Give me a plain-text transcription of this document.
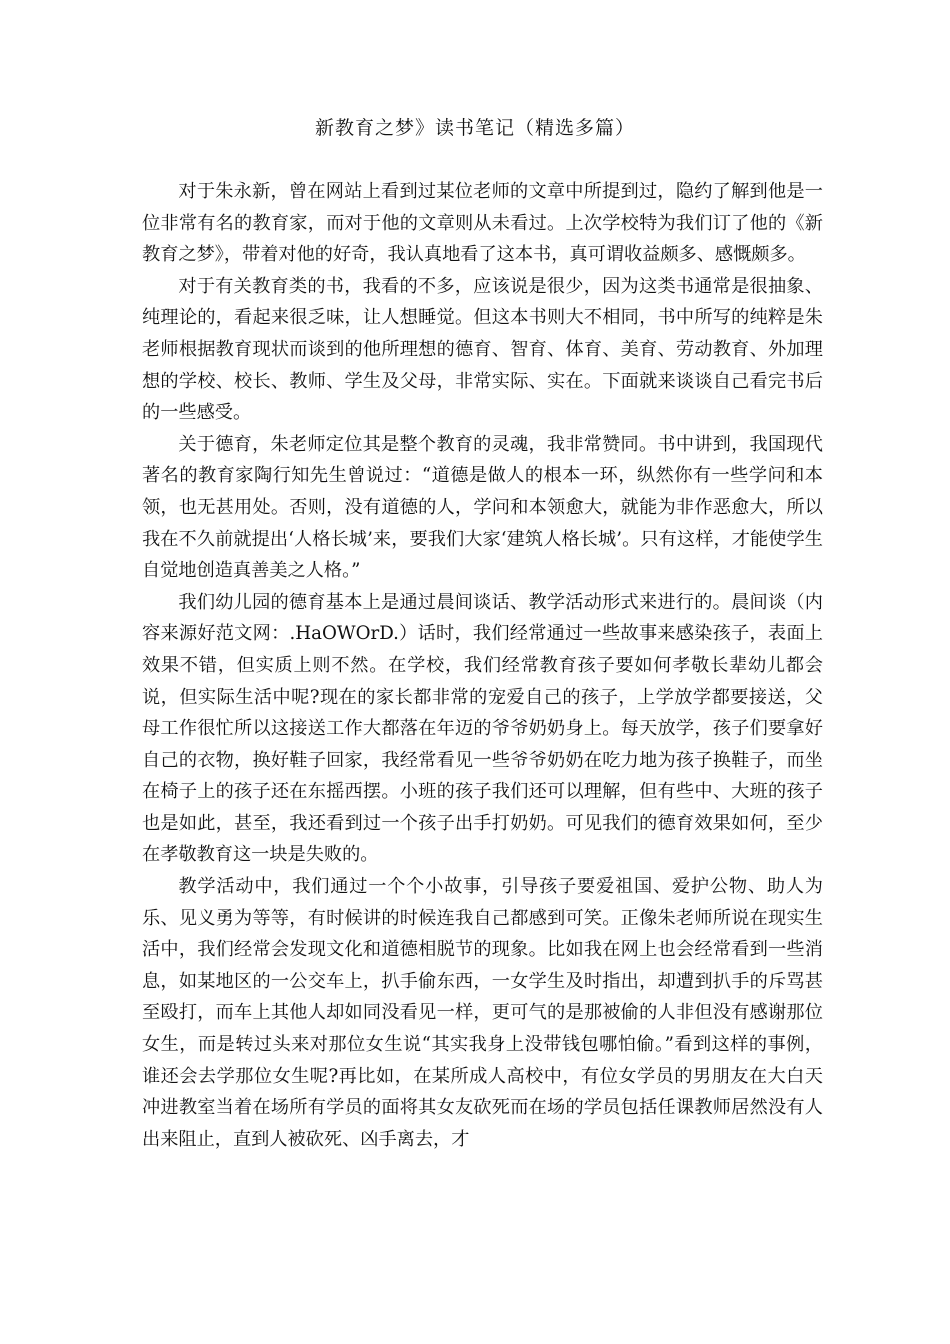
新教育之梦》读书笔记（精选多篇）

对于朱永新，曾在网站上看到过某位老师的文章中所提到过，隐约了解到他是一位非常有名的教育家，而对于他的文章则从未看过。上次学校特为我们订了他的《新教育之梦》，带着对他的好奇，我认真地看了这本书，真可谓收益颇多、感慨颇多。

对于有关教育类的书，我看的不多，应该说是很少，因为这类书通常是很抽象、纯理论的，看起来很乏味，让人想睡觉。但这本书则大不相同，书中所写的纯粹是朱老师根据教育现状而谈到的他所理想的德育、智育、体育、美育、劳动教育、外加理想的学校、校长、教师、学生及父母，非常实际、实在。下面就来谈谈自己看完书后的一些感受。

关于德育，朱老师定位其是整个教育的灵魂，我非常赞同。书中讲到，我国现代著名的教育家陶行知先生曾说过：“道德是做人的根本一环，纵然你有一些学问和本领，也无甚用处。否则，没有道德的人，学问和本领愈大，就能为非作恶愈大，所以我在不久前就提出‘人格长城’来，要我们大家‘建筑人格长城’。只有这样，才能使学生自觉地创造真善美之人格。”

我们幼儿园的德育基本上是通过晨间谈话、教学活动形式来进行的。晨间谈（内容来源好范文网：.HaOWOrD.）话时，我们经常通过一些故事来感染孩子，表面上效果不错，但实质上则不然。在学校，我们经常教育孩子要如何孝敬长辈幼儿都会说，但实际生活中呢?现在的家长都非常的宠爱自己的孩子，上学放学都要接送，父母工作很忙所以这接送工作大都落在年迈的爷爷奶奶身上。每天放学，孩子们要拿好自己的衣物，换好鞋子回家，我经常看见一些爷爷奶奶在吃力地为孩子换鞋子，而坐在椅子上的孩子还在东摇西摆。小班的孩子我们还可以理解，但有些中、大班的孩子也是如此，甚至，我还看到过一个孩子出手打奶奶。可见我们的德育效果如何，至少在孝敬教育这一块是失败的。

教学活动中，我们通过一个个小故事，引导孩子要爱祖国、爱护公物、助人为乐、见义勇为等等，有时候讲的时候连我自己都感到可笑。正像朱老师所说在现实生活中，我们经常会发现文化和道德相脱节的现象。比如我在网上也会经常看到一些消息，如某地区的一公交车上，扒手偷东西，一女学生及时指出，却遭到扒手的斥骂甚至殴打，而车上其他人却如同没看见一样，更可气的是那被偷的人非但没有感谢那位女生，而是转过头来对那位女生说“其实我身上没带钱包哪怕偷。”看到这样的事例，谁还会去学那位女生呢?再比如，在某所成人高校中，有位女学员的男朋友在大白天冲进教室当着在场所有学员的面将其女友砍死而在场的学员包括任课教师居然没有人出来阻止，直到人被砍死、凶手离去，才
